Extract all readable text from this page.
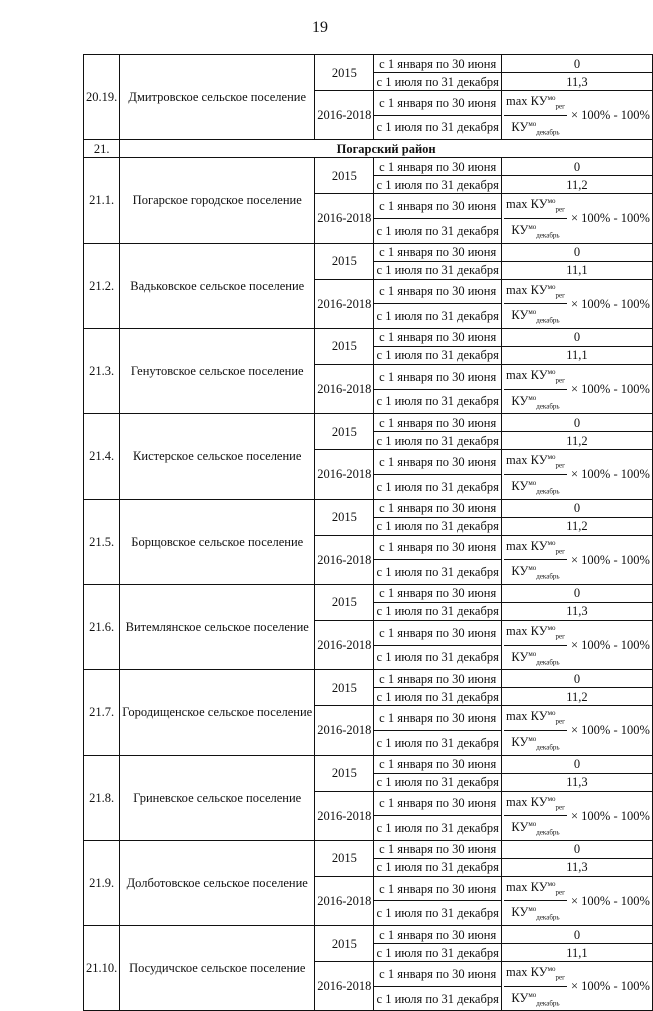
19
20.19.	Дмитровское сельское поселение	2015	с 1 января по 30 июня	0
			с 1 июля по 31 декабря	11,3
		2016-2018	с 1 января по 30 июня	$\frac{\max КУ^{мо}_{рег}}{КУ^{мо}_{декабрь}} \times 100\% - 100\%$

			с 1 июля по 31 декабря	
21.	Погарский район			
21.1.	Погарское городское поселение	2015	с 1 января по 30 июня	0
			с 1 июля по 31 декабря	11,2
		2016-2018	с 1 января по 30 июня	$\frac{\max КУ^{мо}_{рег}}{КУ^{мо}_{декабрь}} \times 100\% - 100\%$

			с 1 июля по 31 декабря	
21.2.	Вадьковское сельское поселение	2015	с 1 января по 30 июня	0
			с 1 июля по 31 декабря	11,1
		2016-2018	с 1 января по 30 июня	$\frac{\max КУ^{мо}_{рег}}{КУ^{мо}_{декабрь}} \times 100\% - 100\%$

			с 1 июля по 31 декабря	
21.3.	Генутовское сельское поселение	2015	с 1 января по 30 июня	0
			с 1 июля по 31 декабря	11,1
		2016-2018	с 1 января по 30 июня	$\frac{\max КУ^{мо}_{рег}}{КУ^{мо}_{декабрь}} \times 100\% - 100\%$

			с 1 июля по 31 декабря	
21.4.	Кистерское сельское поселение	2015	с 1 января по 30 июня	0
			с 1 июля по 31 декабря	11,2
		2016-2018	с 1 января по 30 июня	$\frac{\max КУ^{мо}_{рег}}{КУ^{мо}_{декабрь}} \times 100\% - 100\%$

			с 1 июля по 31 декабря	
21.5.	Борщовское сельское поселение	2015	с 1 января по 30 июня	0
			с 1 июля по 31 декабря	11,2
		2016-2018	с 1 января по 30 июня	$\frac{\max КУ^{мо}_{рег}}{КУ^{мо}_{декабрь}} \times 100\% - 100\%$

			с 1 июля по 31 декабря	
21.6.	Витемлянское сельское поселение	2015	с 1 января по 30 июня	0
			с 1 июля по 31 декабря	11,3
		2016-2018	с 1 января по 30 июня	$\frac{\max КУ^{мо}_{рег}}{КУ^{мо}_{декабрь}} \times 100\% - 100\%$

			с 1 июля по 31 декабря	
21.7.	Городищенское сельское поселение	2015	с 1 января по 30 июня	0
			с 1 июля по 31 декабря	11,2
		2016-2018	с 1 января по 30 июня	$\frac{\max КУ^{мо}_{рег}}{КУ^{мо}_{декабрь}} \times 100\% - 100\%$

			с 1 июля по 31 декабря	
21.8.	Гриневское сельское поселение	2015	с 1 января по 30 июня	0
			с 1 июля по 31 декабря	11,3
		2016-2018	с 1 января по 30 июня	$\frac{\max КУ^{мо}_{рег}}{КУ^{мо}_{декабрь}} \times 100\% - 100\%$

			с 1 июля по 31 декабря	
21.9.	Долботовское сельское поселение	2015	с 1 января по 30 июня	0
			с 1 июля по 31 декабря	11,3
		2016-2018	с 1 января по 30 июня	$\frac{\max КУ^{мо}_{рег}}{КУ^{мо}_{декабрь}} \times 100\% - 100\%$

			с 1 июля по 31 декабря	
21.10.	Посудичское сельское поселение	2015	с 1 января по 30 июня	0
			с 1 июля по 31 декабря	11,1
		2016-2018	с 1 января по 30 июня	$\frac{\max КУ^{мо}_{рег}}{КУ^{мо}_{декабрь}} \times 100\% - 100\%$

			с 1 июля по 31 декабря	
